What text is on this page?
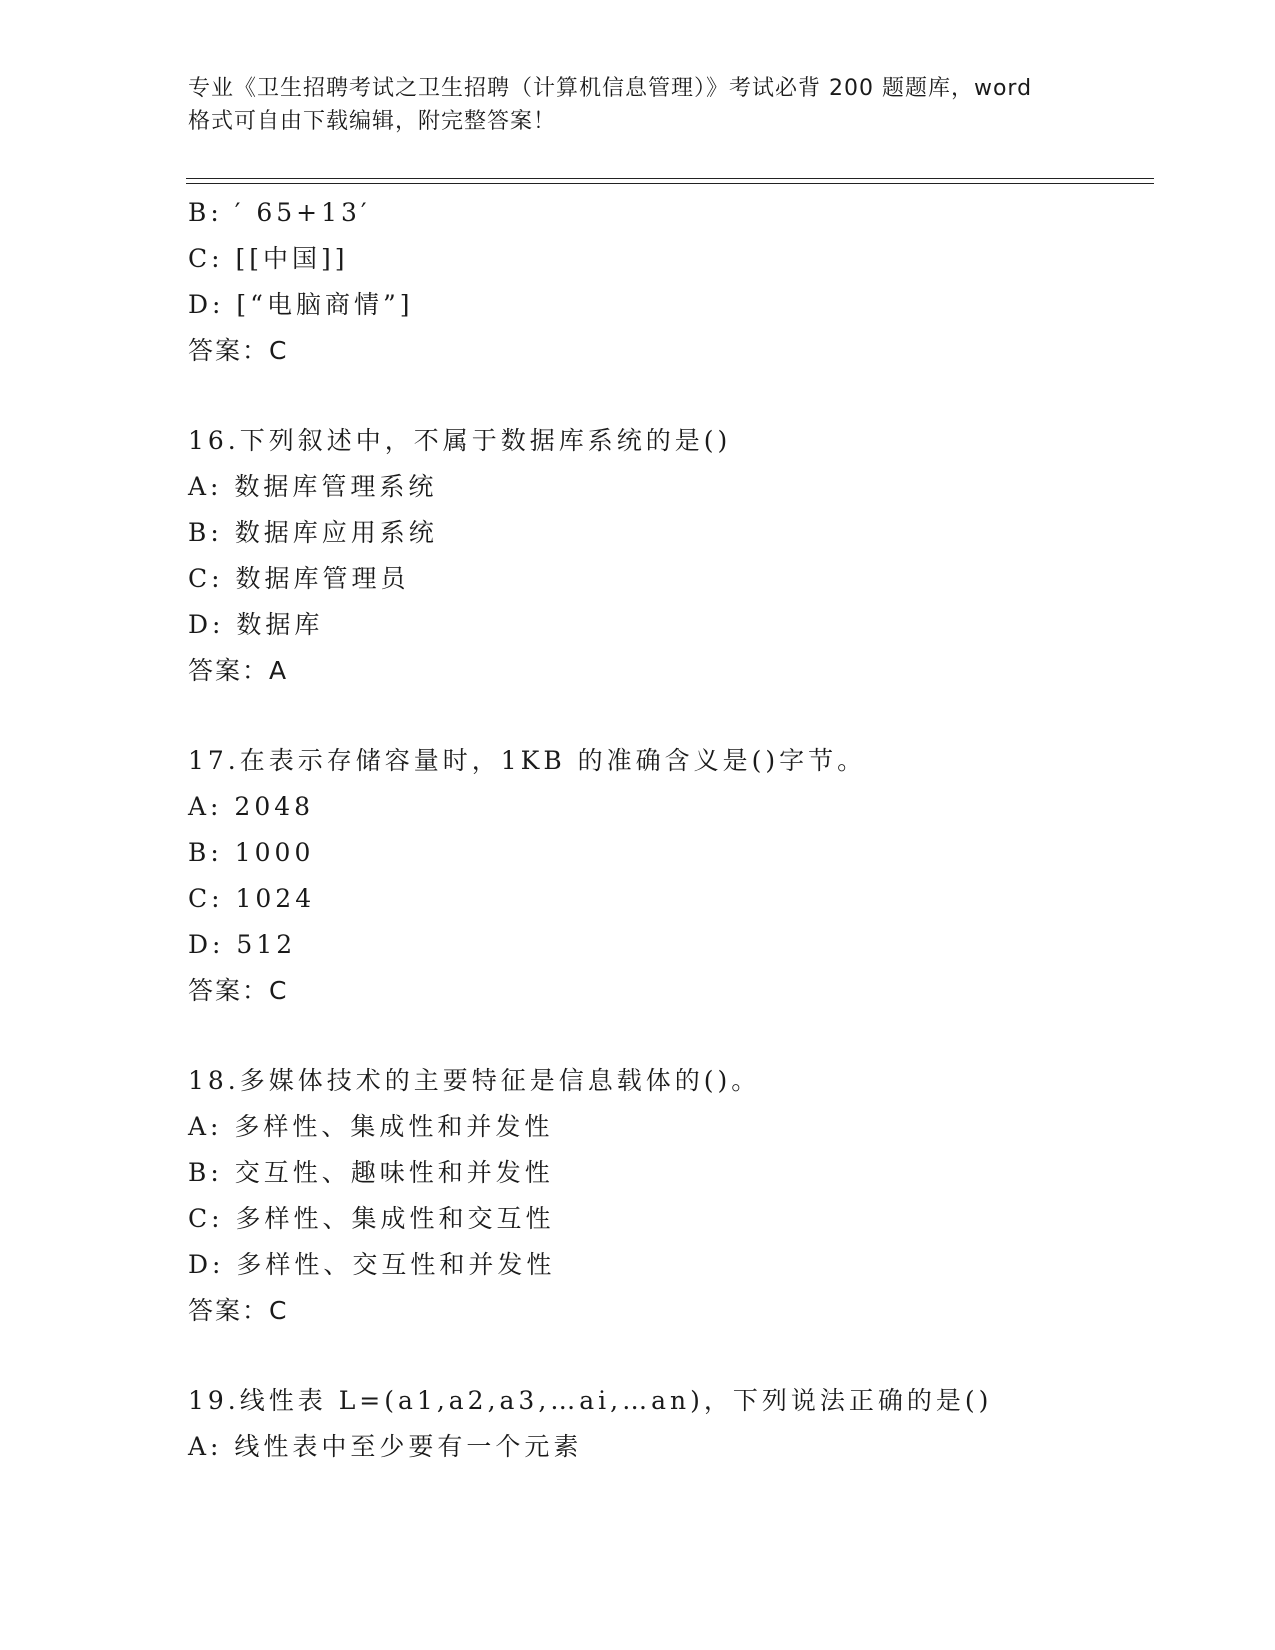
专业《卫生招聘考试之卫生招聘（计算机信息管理）》考试必背 200 题题库，word
格式可自由下载编辑，附完整答案！
B: ′ 65+13′
C: [[中国]]
D: [“电脑商情”]
答案：C
16.下列叙述中，不属于数据库系统的是()
A: 数据库管理系统
B: 数据库应用系统
C: 数据库管理员
D: 数据库
答案：A
17.在表示存储容量时，1KB 的准确含义是()字节。
A: 2048
B: 1000
C: 1024
D: 512
答案：C
18.多媒体技术的主要特征是信息载体的()。
A: 多样性、集成性和并发性
B: 交互性、趣味性和并发性
C: 多样性、集成性和交互性
D: 多样性、交互性和并发性
答案：C
19.线性表 L=(a1,a2,a3,…ai,…an)，下列说法正确的是()
A: 线性表中至少要有一个元素
